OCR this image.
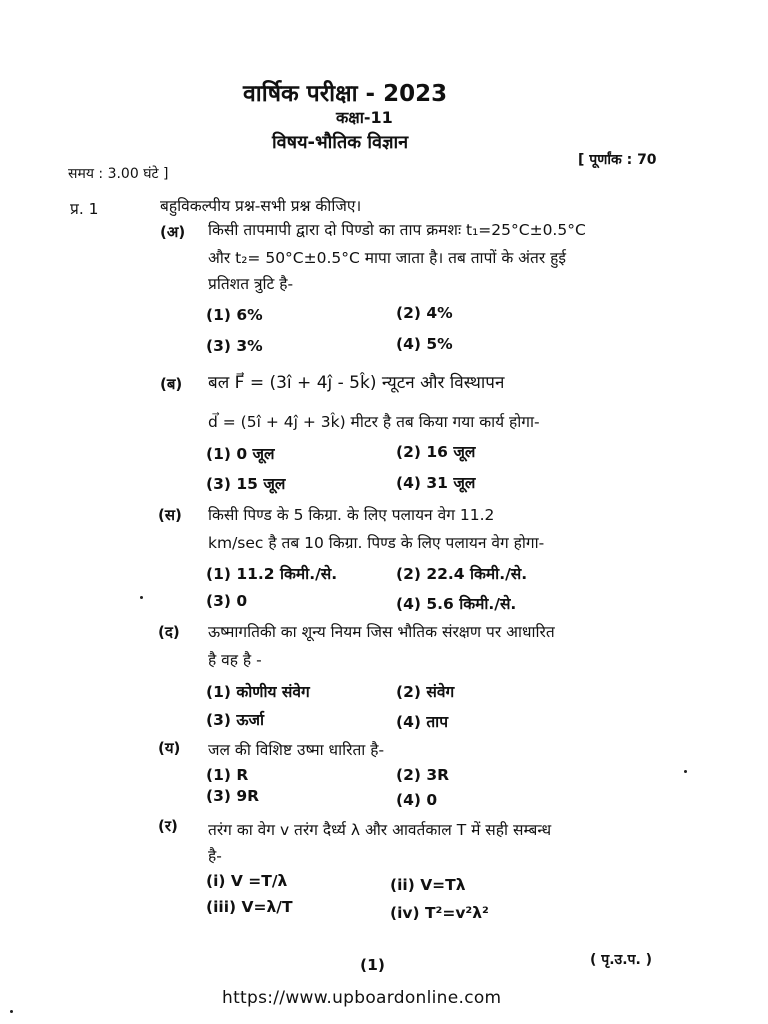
वार्षिक परीक्षा - 2023
कक्षा-11
विषय-भौतिक विज्ञान
समय : 3.00 घंटे ]
[ पूर्णांक : 70
प्र. 1	बहुविकल्पीय प्रश्न-सभी प्रश्न कीजिए।
(अ) किसी तापमापी द्वारा दो पिण्डो का ताप क्रमशः t₁=25°C±0.5°C
और t₂= 50°C±0.5°C मापा जाता है। तब तापों के अंतर हुई
प्रतिशत त्रुटि है-
(1) 6%	(2) 4%
(3) 3%	(4) 5%
(ब) बल F⃗ = (3î + 4ĵ - 5k̂) न्यूटन और विस्थापन
d⃗ = (5î + 4ĵ + 3k̂) मीटर है तब किया गया कार्य होगा-
(1) 0 जूल	(2) 16 जूल
(3) 15 जूल	(4) 31 जूल
(स) किसी पिण्ड के 5 किग्रा. के लिए पलायन वेग 11.2
km/sec है तब 10 किग्रा. पिण्ड के लिए पलायन वेग होगा-
(1) 11.2 किमी./से.	(2) 22.4 किमी./से.
(3) 0	(4) 5.6 किमी./से.
(द) ऊष्मागतिकी का शून्य नियम जिस भौतिक संरक्षण पर आधारित
है वह है -
(1) कोणीय संवेग	(2) संवेग
(3) ऊर्जा	(4) ताप
(य) जल की विशिष्ट उष्मा धारिता है-
(1) R	(2) 3R
(3) 9R	(4) 0
(र) तरंग का वेग v तरंग दैर्ध्य λ और आवर्तकाल T में सही सम्बन्ध
है-
(i) V =T/λ	(ii) V=Tλ
(iii) V=λ/T	(iv) T²=v²λ²
(1)	( पृ.उ.प. )
https://www.upboardonline.com
